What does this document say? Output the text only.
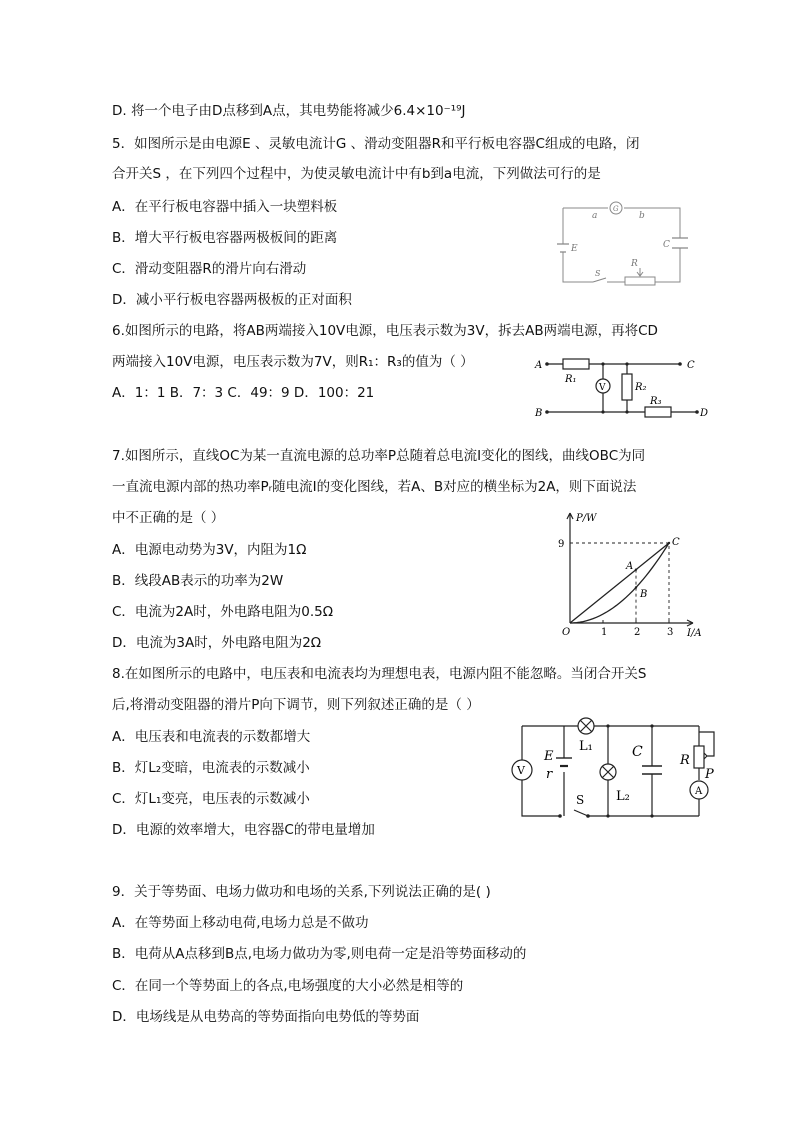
D. 将一个电子由D点移到A点，其电势能将减少6.4×10⁻¹⁹J
5．如图所示是由电源E 、灵敏电流计G 、滑动变阻器R和平行板电容器C组成的电路，闭
合开关S ，在下列四个过程中，为使灵敏电流计中有b到a电流，下列做法可行的是
A．在平行板电容器中插入一块塑料板
B．增大平行板电容器两极板间的距离
C．滑动变阻器R的滑片向右滑动
D．减小平行板电容器两极板的正对面积
6.如图所示的电路，将AB两端接入10V电源，电压表示数为3V，拆去AB两端电源，再将CD
两端接入10V电源，电压表示数为7V，则R₁：R₃的值为（ ）
A．1：1 B．7：3 C．49：9 D．100：21
7.如图所示，直线OC为某一直流电源的总功率P总随着总电流I变化的图线，曲线OBC为同
一直流电源内部的热功率Pᵣ随电流I的变化图线，若A、B对应的横坐标为2A，则下面说法
中不正确的是（ ）
A．电源电动势为3V，内阻为1Ω
B．线段AB表示的功率为2W
C．电流为2A时，外电路电阻为0.5Ω
D．电流为3A时，外电路电阻为2Ω
8.在如图所示的电路中，电压表和电流表均为理想电表，电源内阻不能忽略。当闭合开关S
后,将滑动变阻器的滑片P向下调节，则下列叙述正确的是（ ）
A．电压表和电流表的示数都增大
B．灯L₂变暗，电流表的示数减小
C．灯L₁变亮，电压表的示数减小
D．电源的效率增大，电容器C的带电量增加
9．关于等势面、电场力做功和电场的关系,下列说法正确的是( )
A．在等势面上移动电荷,电场力总是不做功
B．电荷从A点移到B点,电场力做功为零,则电荷一定是沿等势面移动的
C．在同一个等势面上的各点,电场强度的大小必然是相等的
D．电场线是从电势高的等势面指向电势低的等势面
a	b
G
E	C
R
S
A
B
C
D
R₁
R₂
R₃
V
P/W
I/A
O
A
B
C
9
1	2	3
V
E
r
L₁
L₂
C
R
P
S
A
